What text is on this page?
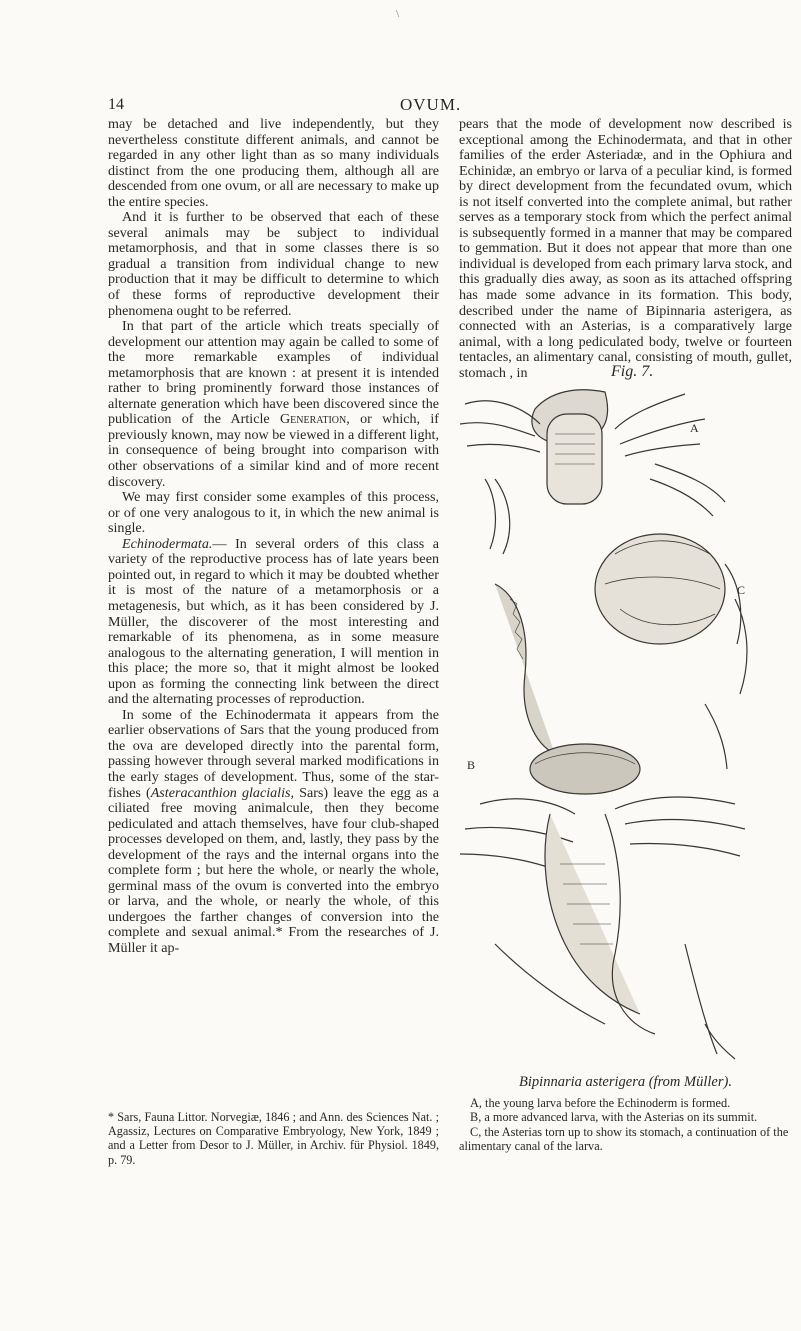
\
14	OVUM.

may be detached and live independently, but they nevertheless constitute different animals, and cannot be regarded in any other light than as so many individuals distinct from the one producing them, although all are descended from one ovum, or all are necessary to make up the entire species.

And it is further to be observed that each of these several animals may be subject to individual metamorphosis, and that in some classes there is so gradual a transition from individual change to new production that it may be difficult to determine to which of these forms of reproductive development their phenomena ought to be referred.

In that part of the article which treats specially of development our attention may again be called to some of the more remarkable examples of individual metamorphosis that are known : at present it is intended rather to bring prominently forward those instances of alternate generation which have been discovered since the publication of the Article Generation, or which, if previously known, may now be viewed in a different light, in consequence of being brought into comparison with other observations of a similar kind and of more recent discovery.

We may first consider some examples of this process, or of one very analogous to it, in which the new animal is single.

Echinodermata.— In several orders of this class a variety of the reproductive process has of late years been pointed out, in regard to which it may be doubted whether it is most of the nature of a metamorphosis or a metagenesis, but which, as it has been considered by J. Müller, the discoverer of the most interesting and remarkable of its phenomena, as in some measure analogous to the alternating generation, I will mention in this place; the more so, that it might almost be looked upon as forming the connecting link between the direct and the alternating processes of reproduction.

In some of the Echinodermata it appears from the earlier observations of Sars that the young produced from the ova are developed directly into the parental form, passing however through several marked modifications in the early stages of development. Thus, some of the star-fishes (Asteracanthion glacialis, Sars) leave the egg as a ciliated free moving animalcule, then they become pediculated and attach themselves, have four club-shaped processes developed on them, and, lastly, they pass by the development of the rays and the internal organs into the complete form ; but here the whole, or nearly the whole, germinal mass of the ovum is converted into the embryo or larva, and the whole, or nearly the whole, of this undergoes the farther changes of conversion into the complete and sexual animal.* From the researches of J. Müller it ap-

* Sars, Fauna Littor. Norvegiæ, 1846 ; and Ann. des Sciences Nat. ; Agassiz, Lectures on Comparative Embryology, New York, 1849 ; and a Letter from Desor to J. Müller, in Archiv. für Physiol. 1849, p. 79.

pears that the mode of development now described is exceptional among the Echinodermata, and that in other families of the erder Asteriadæ, and in the Ophiura and Echinidæ, an embryo or larva of a peculiar kind, is formed by direct development from the fecundated ovum, which is not itself converted into the complete animal, but rather serves as a temporary stock from which the perfect animal is subsequently formed in a manner that may be compared to gemmation. But it does not appear that more than one individual is developed from each primary larva stock, and this gradually dies away, as soon as its attached offspring has made some advance in its formation. This body, described under the name of Bipinnaria asterigera, as connected with an Asterias, is a comparatively large animal, with a long pediculated body, twelve or fourteen tentacles, an alimentary canal, consisting of mouth, gullet, stomach , in	Fig. 7.
A
C
B
Bipinnaria asterigera (from Müller).

A, the young larva before the Echinoderm is formed.

B, a more advanced larva, with the Asterias on its summit.

C, the Asterias torn up to show its stomach, a continuation of the alimentary canal of the larva.
